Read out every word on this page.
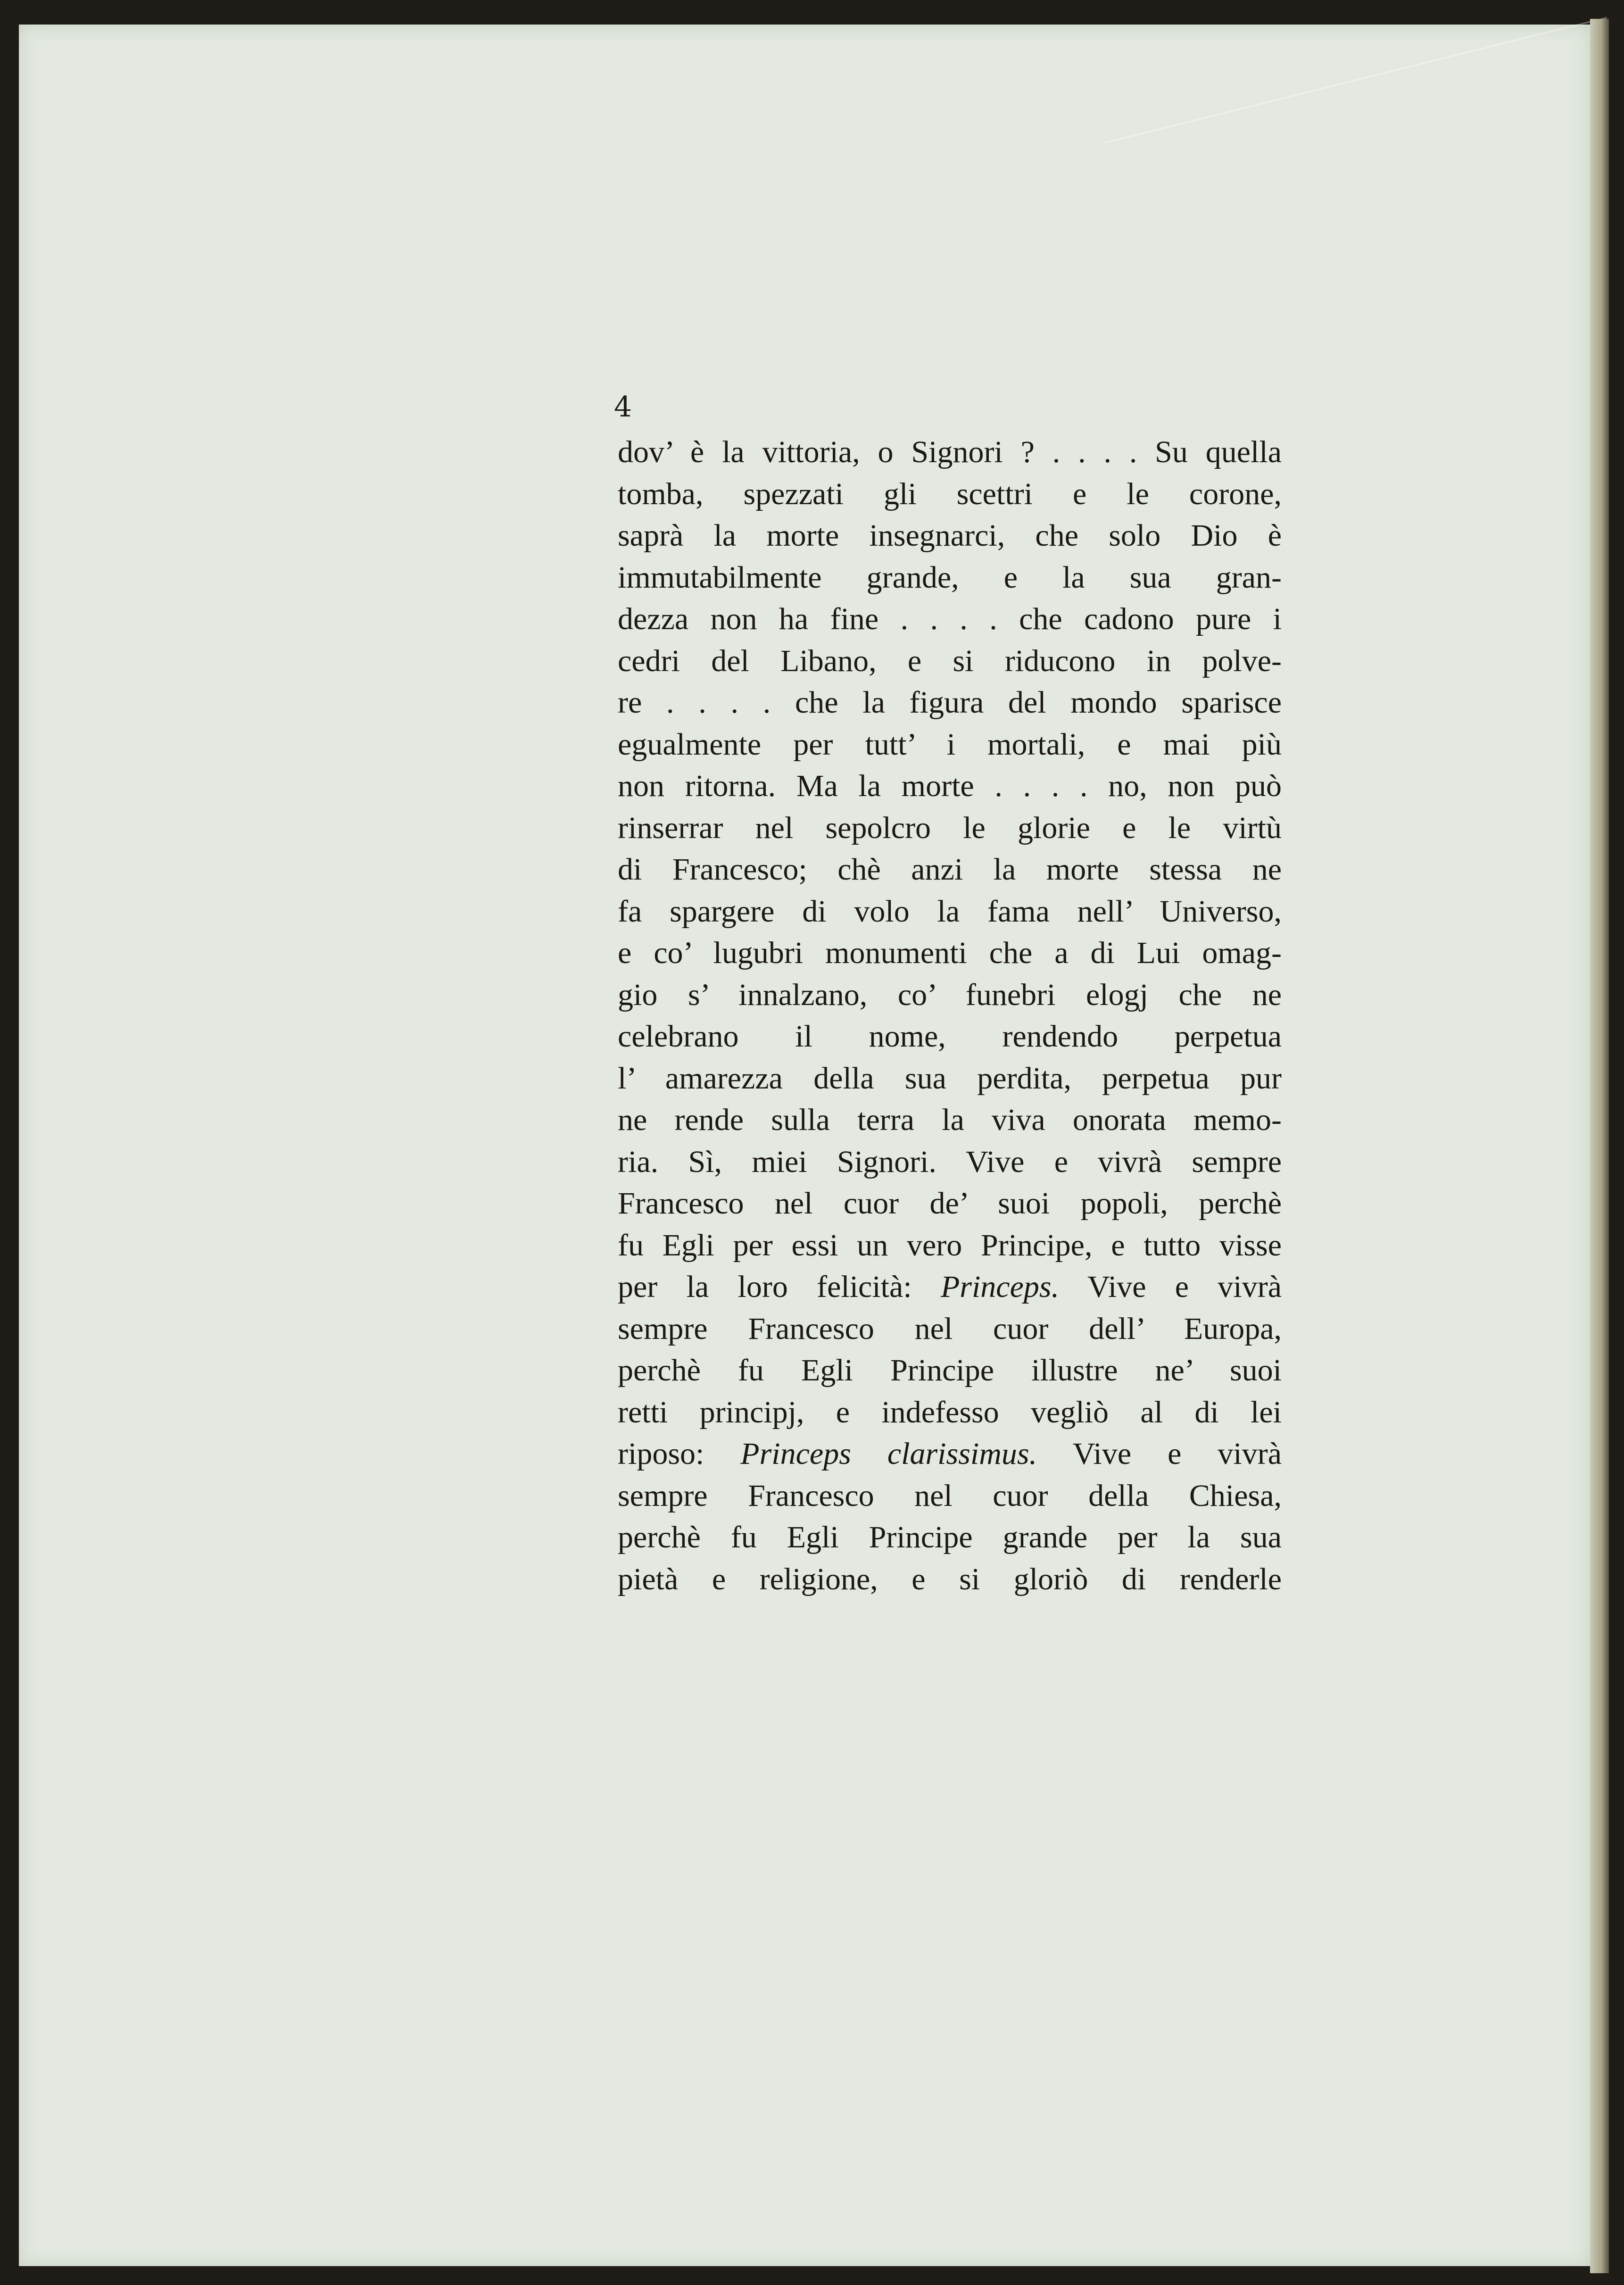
4

dov’ è la vittoria, o Signori ? . . . . Su quella
tomba, spezzati gli scettri e le corone,
saprà la morte insegnarci, che solo Dio è
immutabilmente grande, e la sua gran-
dezza non ha fine . . . . che cadono pure i
cedri del Libano, e si riducono in polve-
re . . . . che la figura del mondo sparisce
egualmente per tutt’ i mortali, e mai più
non ritorna. Ma la morte . . . . no, non può
rinserrar nel sepolcro le glorie e le virtù
di Francesco; chè anzi la morte stessa ne
fa spargere di volo la fama nell’ Universo,
e co’ lugubri monumenti che a di Lui omag-
gio s’ innalzano, co’ funebri elogj che ne
celebrano il nome, rendendo perpetua
l’ amarezza della sua perdita, perpetua pur
ne rende sulla terra la viva onorata memo-
ria. Sì, miei Signori. Vive e vivrà sempre
Francesco nel cuor de’ suoi popoli, perchè
fu Egli per essi un vero Principe, e tutto visse
per la loro felicità: Princeps. Vive e vivrà
sempre Francesco nel cuor dell’ Europa,
perchè fu Egli Principe illustre ne’ suoi
retti principj, e indefesso vegliò al di lei
riposo: Princeps clarissimus. Vive e vivrà
sempre Francesco nel cuor della Chiesa,
perchè fu Egli Principe grande per la sua
pietà e religione, e si gloriò di renderle
